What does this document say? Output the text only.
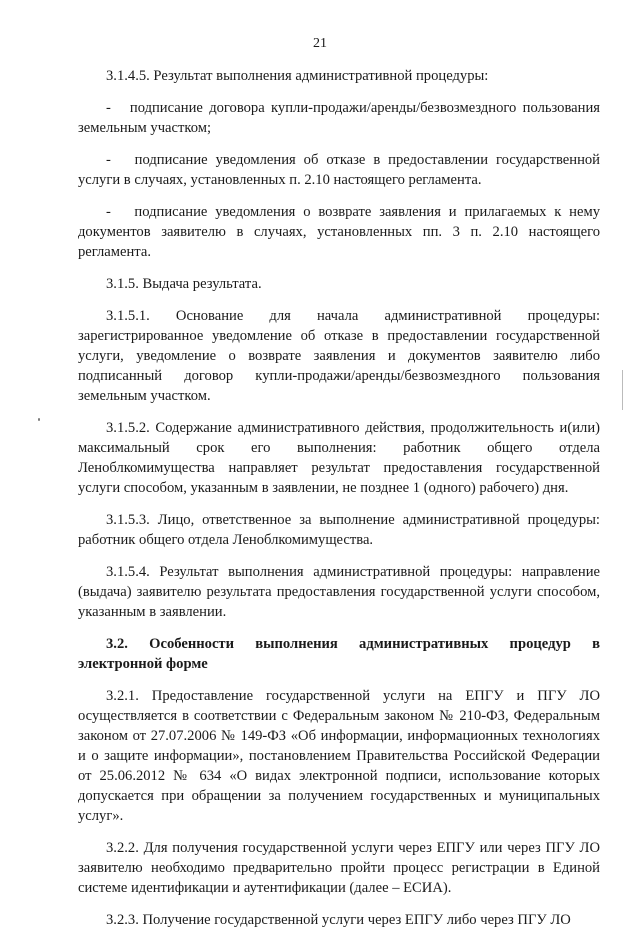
21

3.1.4.5. Результат выполнения административной процедуры:

-   подписание договора купли-продажи/аренды/безвозмездного пользования земельным участком;

-   подписание уведомления об отказе в предоставлении государственной услуги в случаях, установленных п. 2.10 настоящего регламента.

-   подписание уведомления о возврате заявления и прилагаемых к нему документов заявителю в случаях, установленных пп. 3 п. 2.10 настоящего регламента.

3.1.5. Выдача результата.

3.1.5.1. Основание для начала административной процедуры: зарегистрированное уведомление об отказе в предоставлении государственной услуги, уведомление о возврате заявления и документов заявителю либо подписанный договор купли-продажи/аренды/безвозмездного пользования земельным участком.

3.1.5.2. Содержание административного действия, продолжительность и(или) максимальный срок его выполнения: работник общего отдела Леноблкомимущества направляет результат предоставления государственной услуги способом, указанным в заявлении, не позднее 1 (одного) рабочего) дня.

3.1.5.3. Лицо, ответственное за выполнение административной процедуры: работник общего отдела Леноблкомимущества.

3.1.5.4. Результат выполнения административной процедуры: направление (выдача) заявителю результата предоставления государственной услуги способом, указанным в заявлении.

3.2. Особенности выполнения административных процедур в электронной форме

3.2.1. Предоставление государственной услуги на ЕПГУ и ПГУ ЛО осуществляется в соответствии с Федеральным законом № 210-ФЗ, Федеральным законом от 27.07.2006 № 149-ФЗ «Об информации, информационных технологиях и о защите информации», постановлением Правительства Российской Федерации от 25.06.2012 № 634 «О видах электронной подписи, использование которых допускается при обращении за получением государственных и муниципальных услуг».

3.2.2. Для получения государственной услуги через ЕПГУ или через ПГУ ЛО заявителю необходимо предварительно пройти процесс регистрации в Единой системе идентификации и аутентификации (далее – ЕСИА).

3.2.3. Получение государственной услуги через ЕПГУ либо через ПГУ ЛО
